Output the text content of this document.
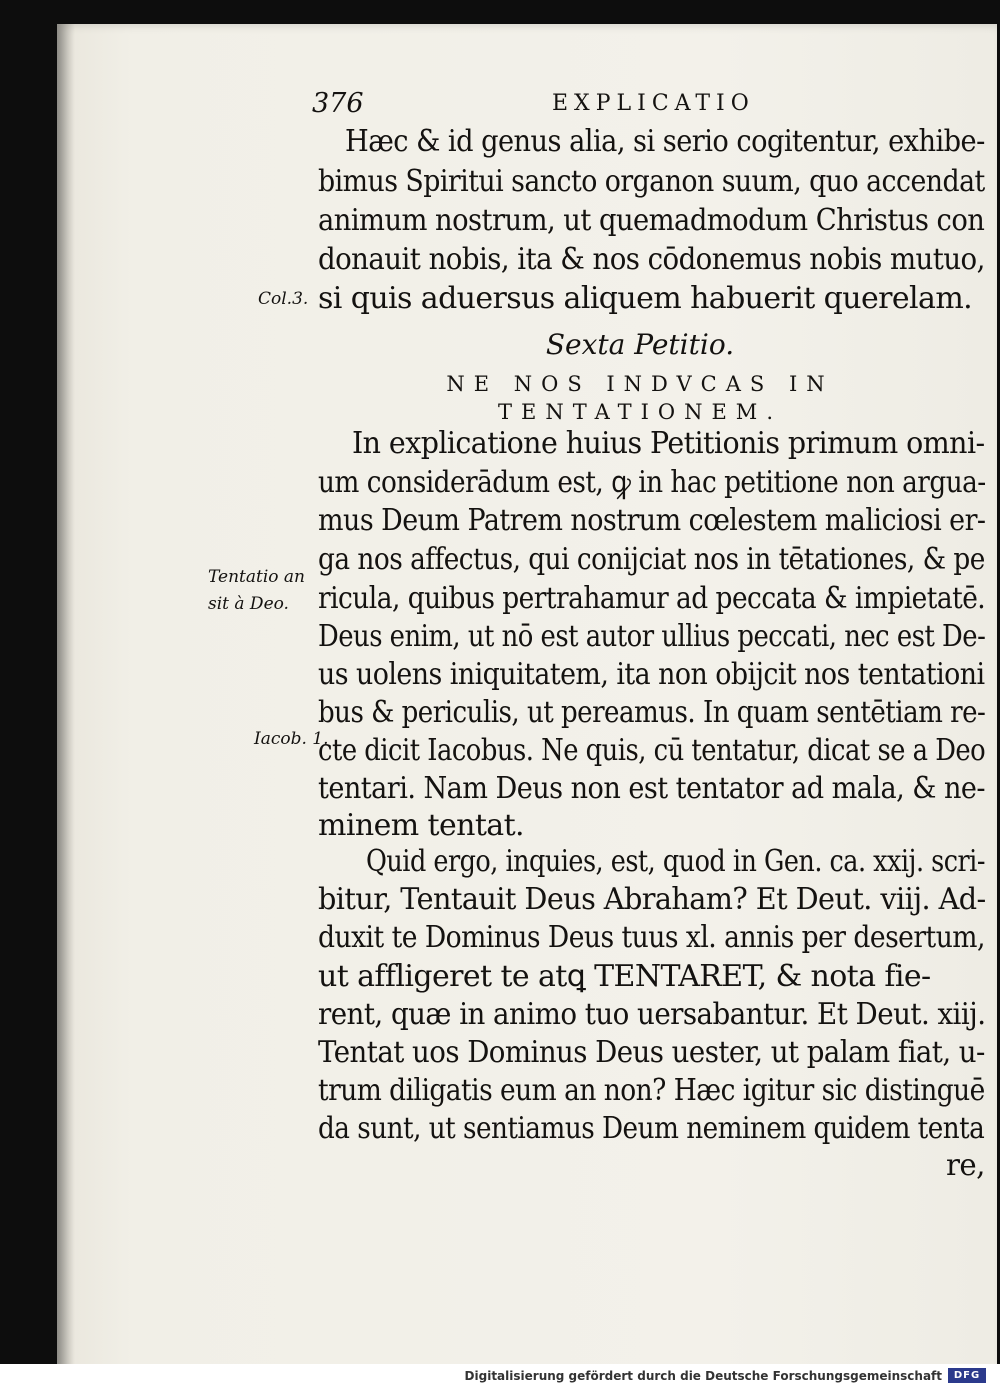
376	EXPLICATIO
Hæc & id genus alia, si serio cogitentur, exhibe-
bimus Spiritui sancto organon suum, quo accendat
animum nostrum, ut quemadmodum Christus con
donauit nobis, ita & nos cōdonemus nobis mutuo,
Col.3. si quis aduersus aliquem habuerit querelam.
Sexta Petitio.
NE NOS INDVCAS IN
TENTATIONEM.
In explicatione huius Petitionis primum omni-
um considerādum est, ꝙ in hac petitione non argua-
mus Deum Patrem nostrum cœlestem maliciosi er-
Tentatio an ga nos affectus, qui conijciat nos in tētationes, & pe
sit à Deo. ricula, quibus pertrahamur ad peccata & impietatē.
Deus enim, ut nō est autor ullius peccati, nec est De-
us uolens iniquitatem, ita non obijcit nos tentationi
bus & periculis, ut pereamus. In quam sentētiam re-
Iacob. 1.
cte dicit Iacobus. Ne quis, cū tentatur, dicat se a Deo
tentari. Nam Deus non est tentator ad mala, & ne-
minem tentat.
Quid ergo, inquies, est, quod in Gen. ca. xxij. scri-
bitur, Tentauit Deus Abraham? Et Deut. viij. Ad-
duxit te Dominus Deus tuus xl. annis per desertum,
ut affligeret te atꝗ TENTARET, & nota fie-
rent, quæ in animo tuo uersabantur. Et Deut. xiij.
Tentat uos Dominus Deus uester, ut palam fiat, u-
trum diligatis eum an non? Hæc igitur sic distinguē
da sunt, ut sentiamus Deum neminem quidem tenta
re,
Digitalisierung gefördert durch die Deutsche Forschungsgemeinschaft	DFG
